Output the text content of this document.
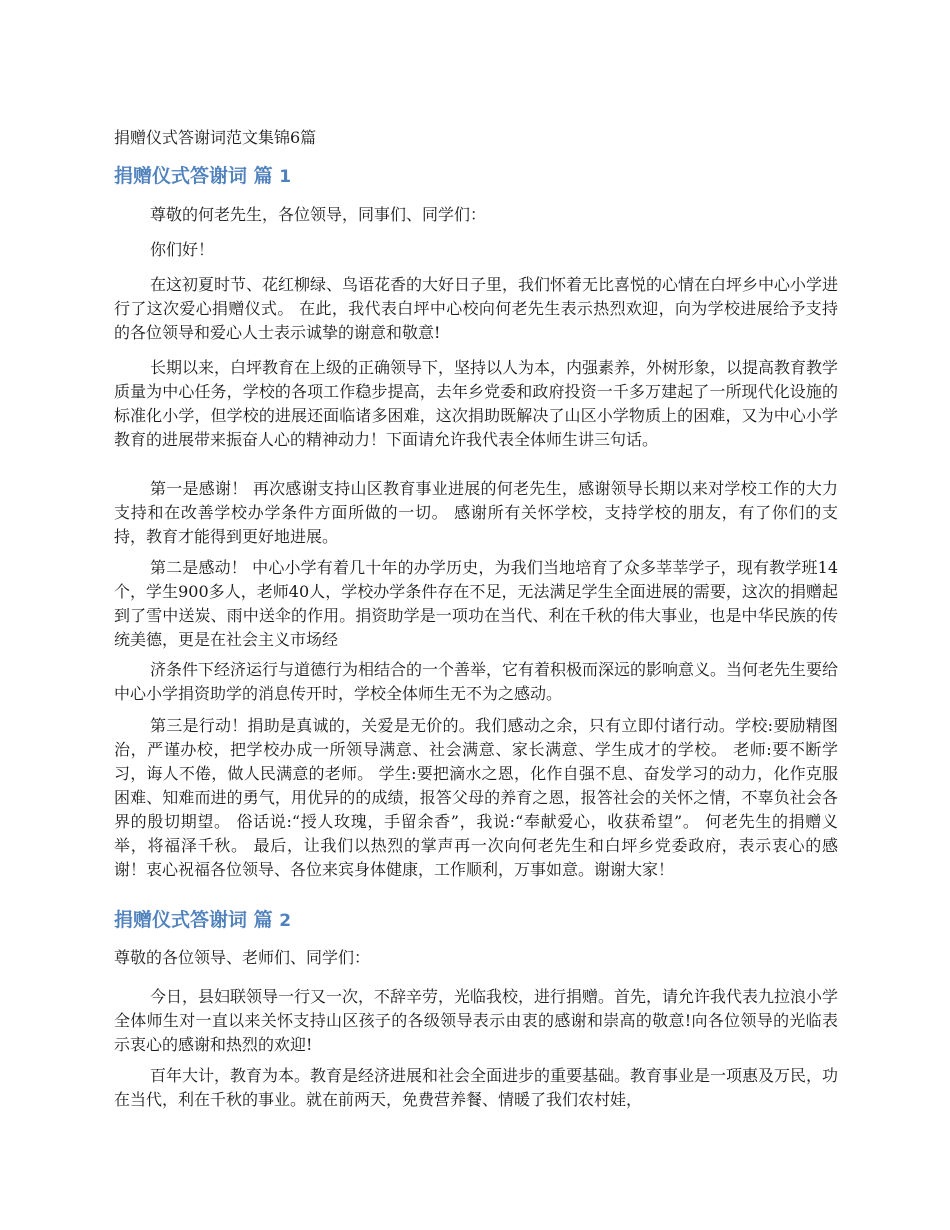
捐赠仪式答谢词范文集锦6篇
捐赠仪式答谢词 篇 1

尊敬的何老先生，各位领导，同事们、同学们：

你们好！

在这初夏时节、花红柳绿、鸟语花香的大好日子里，我们怀着无比喜悦的心情在白坪乡中心小学进行了这次爱心捐赠仪式。 在此，我代表白坪中心校向何老先生表示热烈欢迎，向为学校进展给予支持的各位领导和爱心人士表示诚挚的谢意和敬意!

长期以来，白坪教育在上级的正确领导下，坚持以人为本，内强素养，外树形象，以提高教育教学质量为中心任务，学校的各项工作稳步提高，去年乡党委和政府投资一千多万建起了一所现代化设施的标准化小学，但学校的进展还面临诸多困难，这次捐助既解决了山区小学物质上的困难，又为中心小学教育的进展带来振奋人心的精神动力！下面请允许我代表全体师生讲三句话。

第一是感谢！ 再次感谢支持山区教育事业进展的何老先生，感谢领导长期以来对学校工作的大力支持和在改善学校办学条件方面所做的一切。 感谢所有关怀学校，支持学校的朋友，有了你们的支持，教育才能得到更好地进展。

第二是感动！ 中心小学有着几十年的办学历史，为我们当地培育了众多莘莘学子，现有教学班14个，学生900多人，老师40人，学校办学条件存在不足，无法满足学生全面进展的需要，这次的捐赠起到了雪中送炭、雨中送伞的作用。捐资助学是一项功在当代、利在千秋的伟大事业，也是中华民族的传统美德，更是在社会主义市场经

济条件下经济运行与道德行为相结合的一个善举，它有着积极而深远的影响意义。当何老先生要给中心小学捐资助学的消息传开时，学校全体师生无不为之感动。

第三是行动！捐助是真诚的，关爱是无价的。我们感动之余，只有立即付诸行动。学校:要励精图治，严谨办校，把学校办成一所领导满意、社会满意、家长满意、学生成才的学校。 老师:要不断学习，诲人不倦，做人民满意的老师。 学生:要把滴水之恩，化作自强不息、奋发学习的动力，化作克服困难、知难而进的勇气，用优异的的成绩，报答父母的养育之恩，报答社会的关怀之情，不辜负社会各界的殷切期望。 俗话说:“授人玫瑰，手留余香”，我说:“奉献爱心，收获希望”。 何老先生的捐赠义举，将福泽千秋。 最后，让我们以热烈的掌声再一次向何老先生和白坪乡党委政府，表示衷心的感谢！衷心祝福各位领导、各位来宾身体健康，工作顺利，万事如意。谢谢大家！

捐赠仪式答谢词 篇 2

尊敬的各位领导、老师们、同学们：

今日，县妇联领导一行又一次，不辞辛劳，光临我校，进行捐赠。首先，请允许我代表九拉浪小学全体师生对一直以来关怀支持山区孩子的各级领导表示由衷的感谢和崇高的敬意!向各位领导的光临表示衷心的感谢和热烈的欢迎!

百年大计，教育为本。教育是经济进展和社会全面进步的重要基础。教育事业是一项惠及万民，功在当代，利在千秋的事业。就在前两天，免费营养餐、情暖了我们农村娃，
